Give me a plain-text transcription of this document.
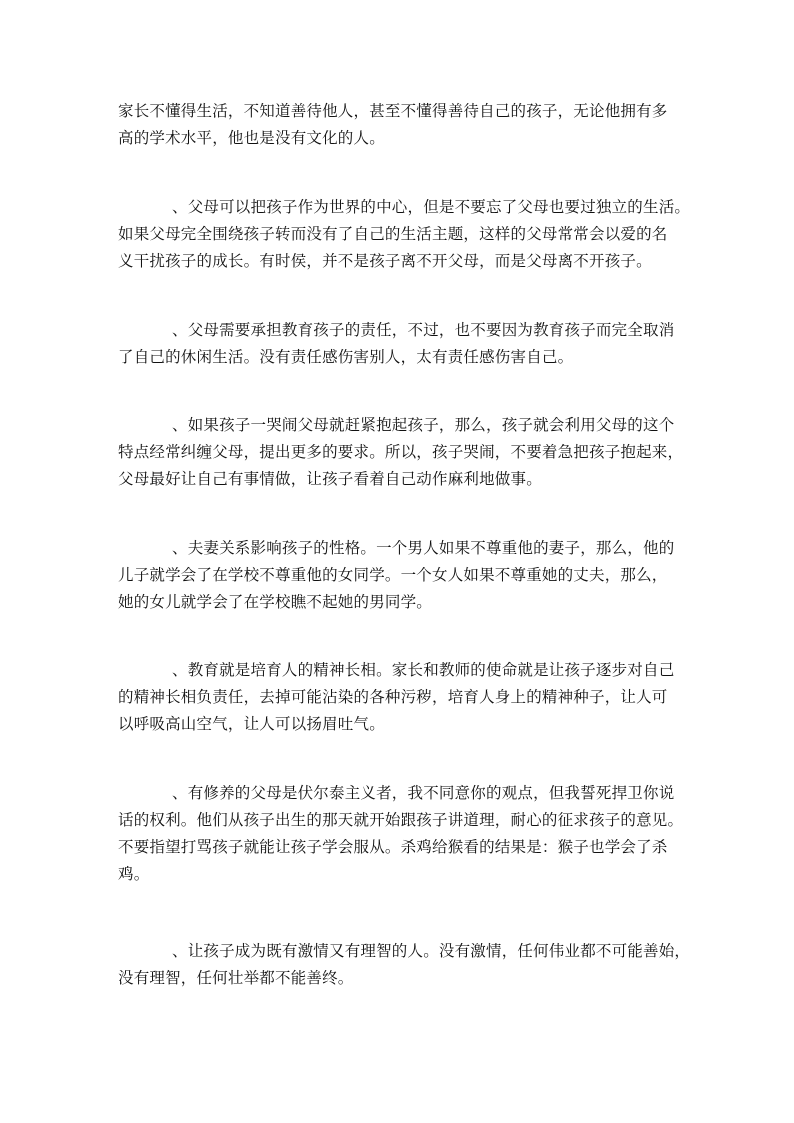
家长不懂得生活，不知道善待他人，甚至不懂得善待自己的孩子，无论他拥有多
高的学术水平，他也是没有文化的人。
、父母可以把孩子作为世界的中心，但是不要忘了父母也要过独立的生活。
如果父母完全围绕孩子转而没有了自己的生活主题，这样的父母常常会以爱的名
义干扰孩子的成长。有时侯，并不是孩子离不开父母，而是父母离不开孩子。
、父母需要承担教育孩子的责任，不过，也不要因为教育孩子而完全取消
了自己的休闲生活。没有责任感伤害别人，太有责任感伤害自己。
、如果孩子一哭闹父母就赶紧抱起孩子，那么，孩子就会利用父母的这个
特点经常纠缠父母，提出更多的要求。所以，孩子哭闹，不要着急把孩子抱起来，
父母最好让自己有事情做，让孩子看着自己动作麻利地做事。
、夫妻关系影响孩子的性格。一个男人如果不尊重他的妻子，那么，他的
儿子就学会了在学校不尊重他的女同学。一个女人如果不尊重她的丈夫，那么，
她的女儿就学会了在学校瞧不起她的男同学。
、教育就是培育人的精神长相。家长和教师的使命就是让孩子逐步对自己
的精神长相负责任，去掉可能沾染的各种污秽，培育人身上的精神种子，让人可
以呼吸高山空气，让人可以扬眉吐气。
、有修养的父母是伏尔泰主义者，我不同意你的观点，但我誓死捍卫你说
话的权利。他们从孩子出生的那天就开始跟孩子讲道理，耐心的征求孩子的意见。
不要指望打骂孩子就能让孩子学会服从。杀鸡给猴看的结果是：猴子也学会了杀
鸡。
、让孩子成为既有激情又有理智的人。没有激情，任何伟业都不可能善始，
没有理智，任何壮举都不能善终。
